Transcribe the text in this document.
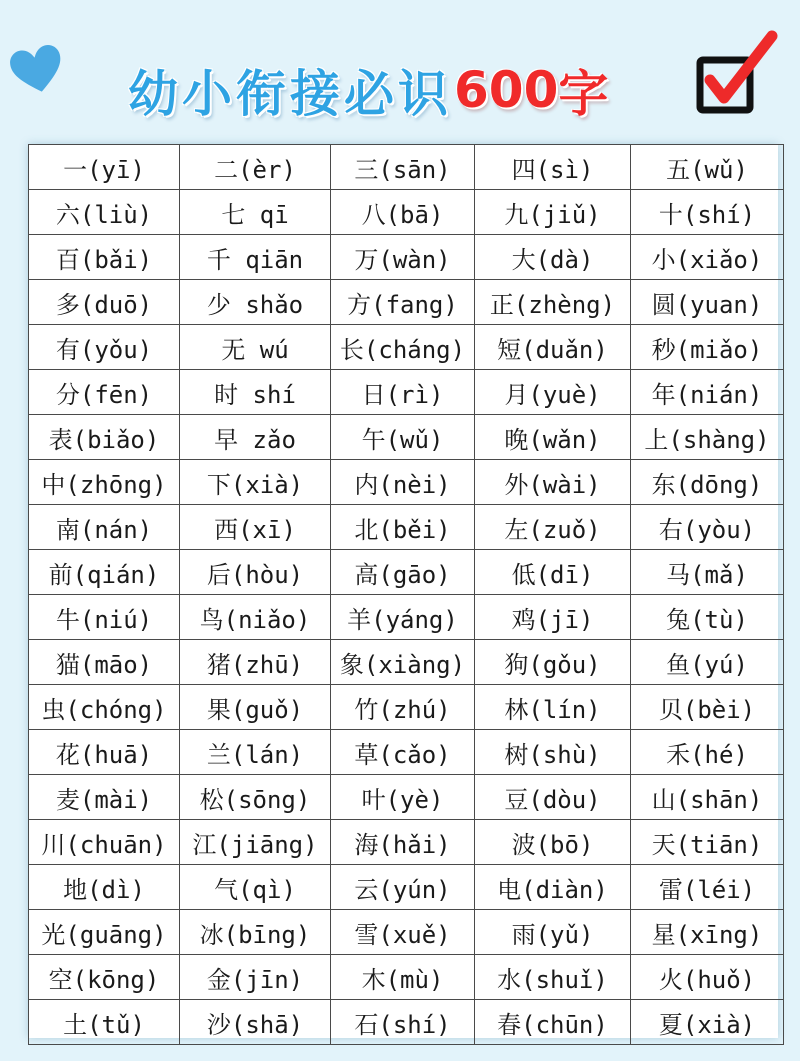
幼小衔接必识 600 字
一(yī)	二(èr)	三(sān)	四(sì)	五(wǔ)
六(liù)	七 qī	八(bā)	九(jiǔ)	十(shí)
百(bǎi)	千 qiān	万(wàn)	大(dà)	小(xiǎo)
多(duō)	少 shǎo	方(fang)	正(zhèng)	圆(yuan)
有(yǒu)	无 wú	长(cháng)	短(duǎn)	秒(miǎo)
分(fēn)	时 shí	日(rì)	月(yuè)	年(nián)
表(biǎo)	早 zǎo	午(wǔ)	晚(wǎn)	上(shàng)
中(zhōng)	下(xià)	内(nèi)	外(wài)	东(dōng)
南(nán)	西(xī)	北(běi)	左(zuǒ)	右(yòu)
前(qián)	后(hòu)	高(gāo)	低(dī)	马(mǎ)
牛(niú)	鸟(niǎo)	羊(yáng)	鸡(jī)	兔(tù)
猫(māo)	猪(zhū)	象(xiàng)	狗(gǒu)	鱼(yú)
虫(chóng)	果(guǒ)	竹(zhú)	林(lín)	贝(bèi)
花(huā)	兰(lán)	草(cǎo)	树(shù)	禾(hé)
麦(mài)	松(sōng)	叶(yè)	豆(dòu)	山(shān)
川(chuān)	江(jiāng)	海(hǎi)	波(bō)	天(tiān)
地(dì)	气(qì)	云(yún)	电(diàn)	雷(léi)
光(guāng)	冰(bīng)	雪(xuě)	雨(yǔ)	星(xīng)
空(kōng)	金(jīn)	木(mù)	水(shuǐ)	火(huǒ)
土(tǔ)	沙(shā)	石(shí)	春(chūn)	夏(xià)
